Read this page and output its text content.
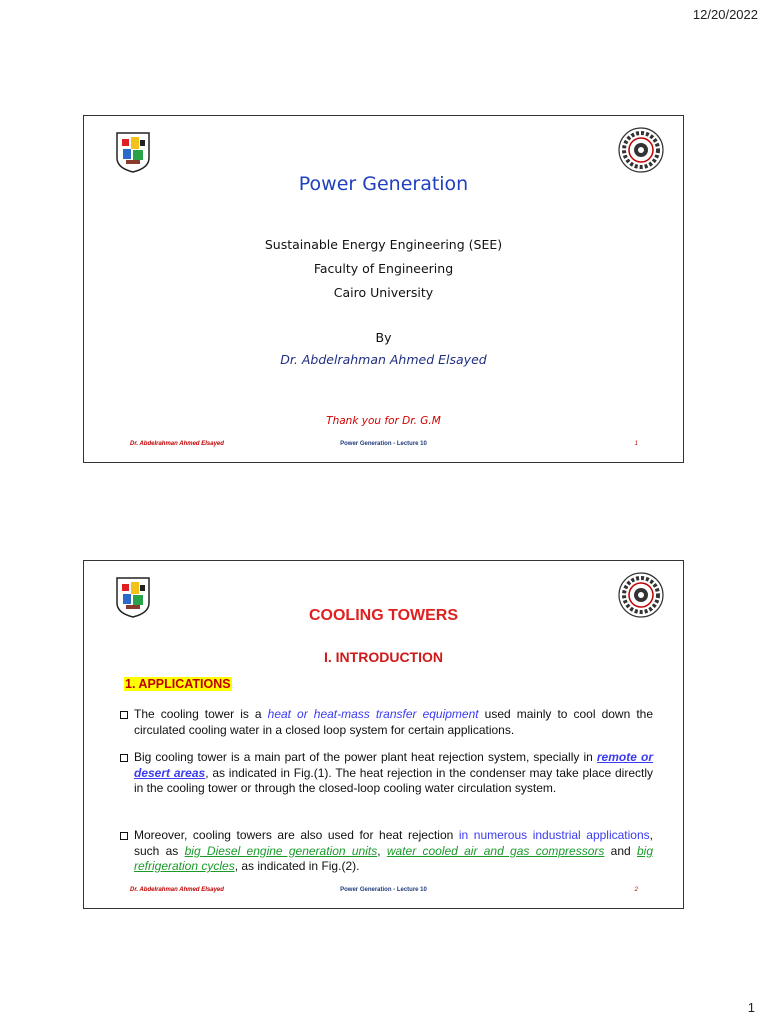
12/20/2022
Power Generation
Sustainable Energy Engineering (SEE)
Faculty of Engineering
Cairo University
By
Dr. Abdelrahman Ahmed Elsayed
Thank you for Dr. G.M
Dr. Abdelrahman Ahmed Elsayed	Power Generation - Lecture 10	1
COOLING TOWERS
I. INTRODUCTION
1. APPLICATIONS
The cooling tower is a heat or heat-mass transfer equipment used mainly to cool down the circulated cooling water in a closed loop system for certain applications.
Big cooling tower is a main part of the power plant heat rejection system, specially in remote or desert areas, as indicated in Fig.(1). The heat rejection in the condenser may take place directly in the cooling tower or through the closed-loop cooling water circulation system.
Moreover, cooling towers are also used for heat rejection in numerous industrial applications, such as big Diesel engine generation units, water cooled air and gas compressors and big refrigeration cycles, as indicated in Fig.(2).
Dr. Abdelrahman Ahmed Elsayed	Power Generation - Lecture 10	2
1
